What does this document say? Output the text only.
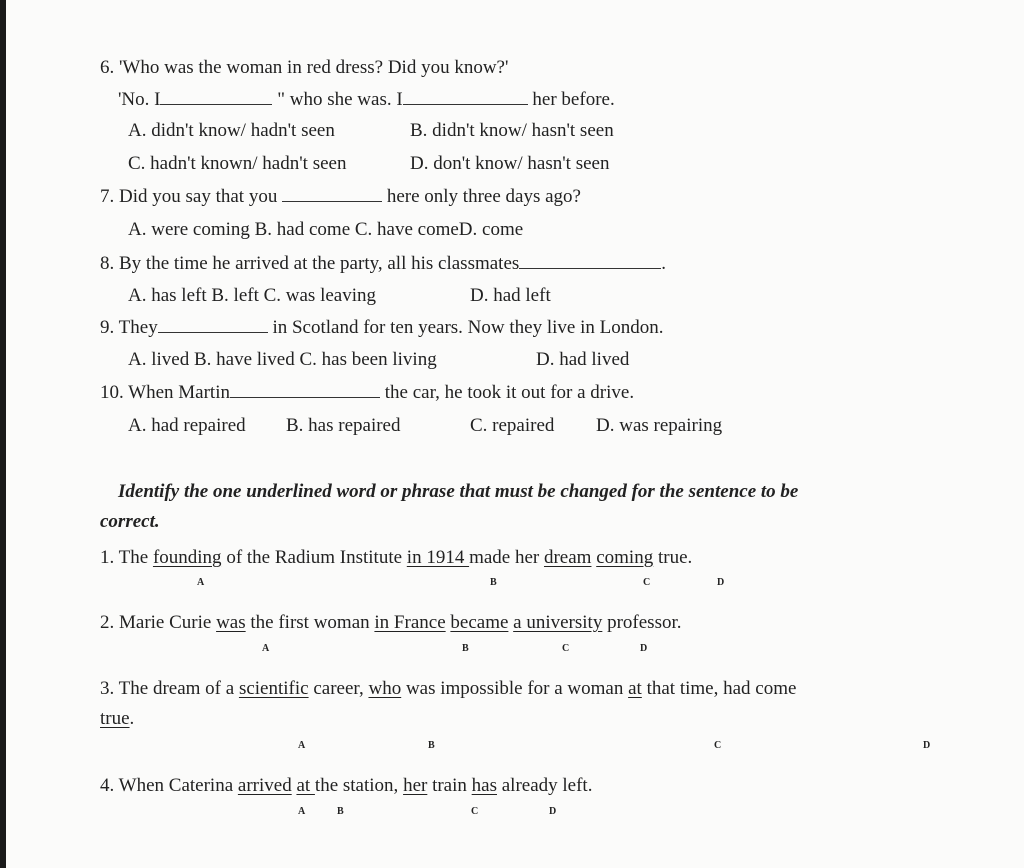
6. 'Who was the woman in red dress? Did you know?'
'No. I	" who she was. I	her before.
A. didn't know/ hadn't seen	B. didn't know/ hasn't seen
C. hadn't known/ hadn't seen	D. don't know/ hasn't seen
7. Did you say that you	here only three days ago?
A. were coming B. had come C. have comeD. come
8. By the time he arrived at the party, all his classmates	.
A. has left B. left C. was leaving	D. had left
9. They	in Scotland for ten years. Now they live in London.
A. lived B. have lived C. has been living	D. had lived
10. When Martin	the car, he took it out for a drive.
A. had repaired B. has repaired	C. repaired D. was repairing
Identify the one underlined word or phrase that must be changed for the sentence to be
correct.
1. The founding of the Radium Institute in 1914 made her dream coming true.
A	B	C	D
2. Marie Curie was the first woman in France became a university professor.
A	B	C	D
3. The dream of a scientific career, who was impossible for a woman at that time, had come
true.
A	B	C	D
4. When Caterina arrived at the station, her train has already left.
A	B	C	D
